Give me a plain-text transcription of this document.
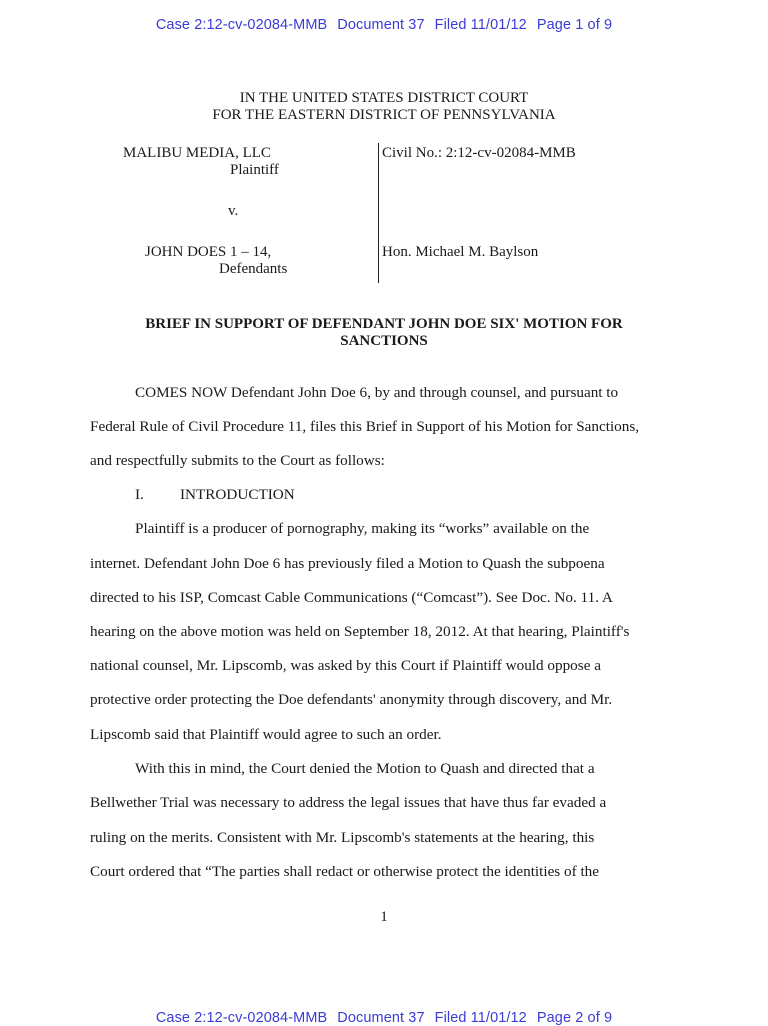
Case 2:12-cv-02084-MMB Document 37 Filed 11/01/12 Page 1 of 9
IN THE UNITED STATES DISTRICT COURT
FOR THE EASTERN DISTRICT OF PENNSYLVANIA
MALIBU MEDIA, LLC
Plaintiff
v.
JOHN DOES 1 – 14,
Defendants
Civil No.: 2:12-cv-02084-MMB
Hon. Michael M. Baylson
BRIEF IN SUPPORT OF DEFENDANT JOHN DOE SIX' MOTION FOR
SANCTIONS
COMES NOW Defendant John Doe 6, by and through counsel, and pursuant to
Federal Rule of Civil Procedure 11, files this Brief in Support of his Motion for Sanctions,
and respectfully submits to the Court as follows:
I. INTRODUCTION
Plaintiff is a producer of pornography, making its “works” available on the
internet. Defendant John Doe 6 has previously filed a Motion to Quash the subpoena
directed to his ISP, Comcast Cable Communications (“Comcast”). See Doc. No. 11. A
hearing on the above motion was held on September 18, 2012. At that hearing, Plaintiff's
national counsel, Mr. Lipscomb, was asked by this Court if Plaintiff would oppose a
protective order protecting the Doe defendants' anonymity through discovery, and Mr.
Lipscomb said that Plaintiff would agree to such an order.
With this in mind, the Court denied the Motion to Quash and directed that a
Bellwether Trial was necessary to address the legal issues that have thus far evaded a
ruling on the merits. Consistent with Mr. Lipscomb's statements at the hearing, this
Court ordered that “The parties shall redact or otherwise protect the identities of the
1
Case 2:12-cv-02084-MMB Document 37 Filed 11/01/12 Page 2 of 9
